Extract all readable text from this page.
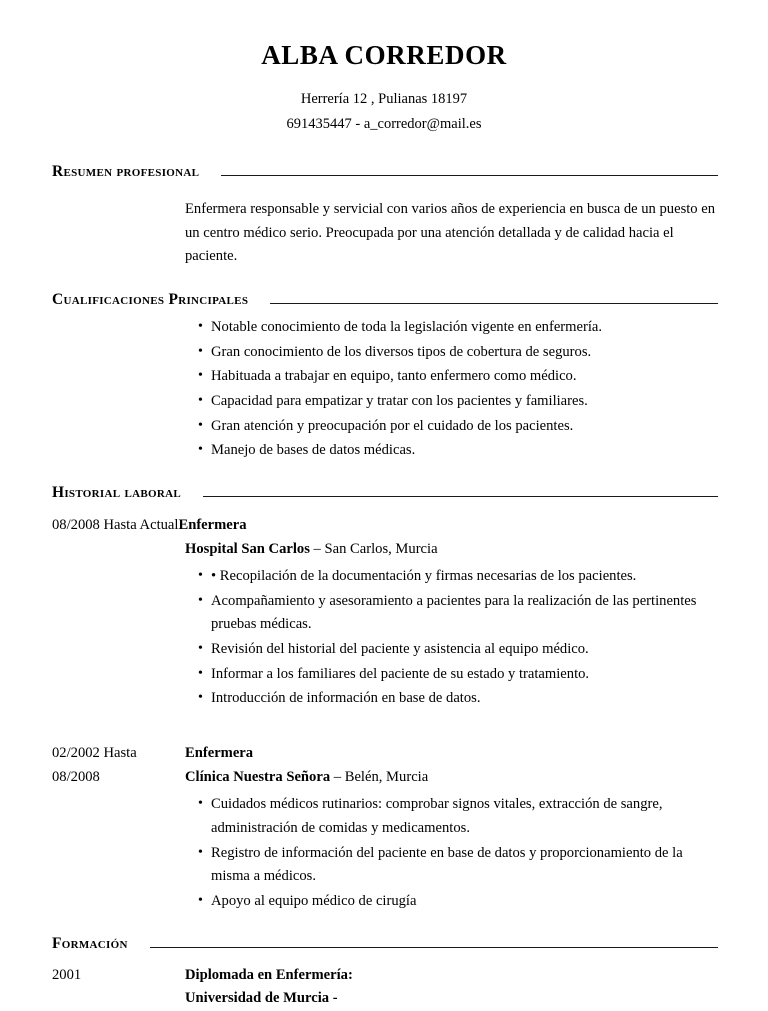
ALBA CORREDOR
Herrería 12 , Pulianas 18197
691435447 - a_corredor@mail.es
Resumen profesional
Enfermera responsable y servicial con varios años de experiencia en busca de un puesto en un centro médico serio. Preocupada por una atención detallada y de calidad hacia el paciente.
Cualificaciones Principales
• Notable conocimiento de toda la legislación vigente en enfermería.
• Gran conocimiento de los diversos tipos de cobertura de seguros.
• Habituada a trabajar en equipo, tanto enfermero como médico.
• Capacidad para empatizar y tratar con los pacientes y familiares.
• Gran atención y preocupación por el cuidado de los pacientes.
• Manejo de bases de datos médicas.
Historial laboral
08/2008 Hasta Actual Enfermera
Hospital San Carlos – San Carlos, Murcia
• • Recopilación de la documentación y firmas necesarias de los pacientes.
• Acompañamiento y asesoramiento a pacientes para la realización de las pertinentes pruebas médicas.
• Revisión del historial del paciente y asistencia al equipo médico.
• Informar a los familiares del paciente de su estado y tratamiento.
• Introducción de información en base de datos.
02/2002 Hasta
08/2008
Enfermera
Clínica Nuestra Señora – Belén, Murcia
• Cuidados médicos rutinarios: comprobar signos vitales, extracción de sangre, administración de comidas y medicamentos.
• Registro de información del paciente en base de datos y proporcionamiento de la misma a médicos.
• Apoyo al equipo médico de cirugía
Formación
2001	Diplomada en Enfermería:
Universidad de Murcia -
